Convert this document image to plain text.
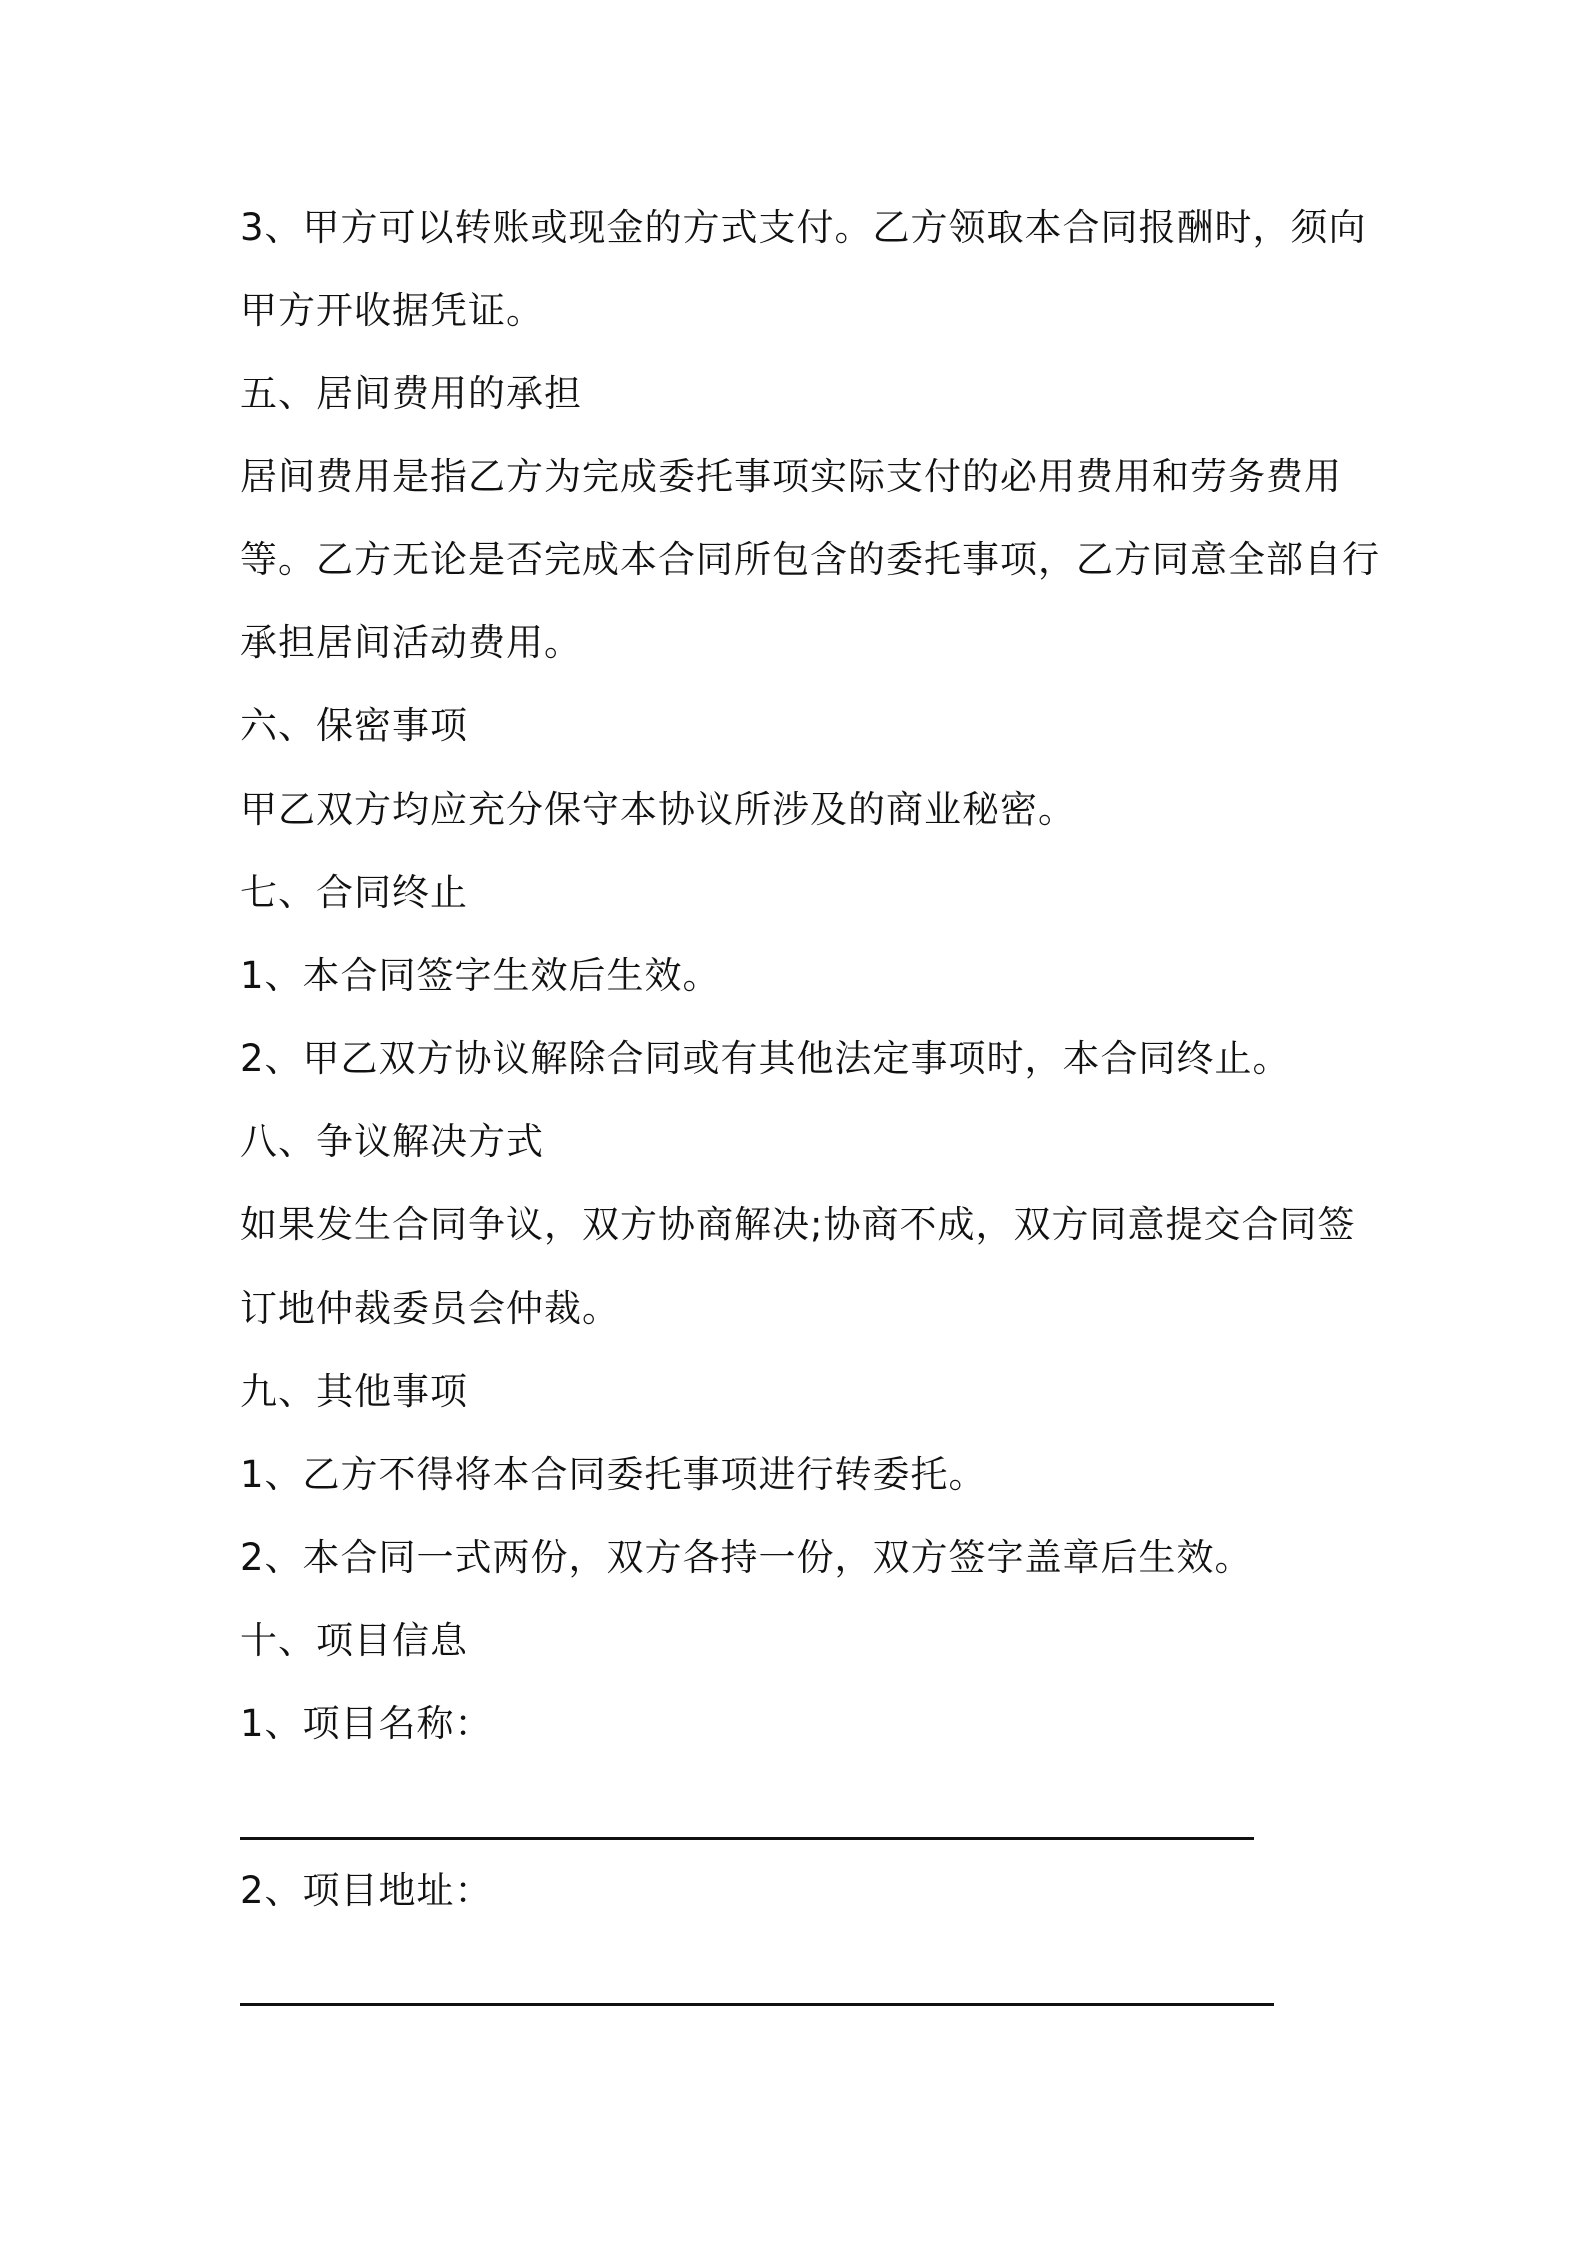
3、甲方可以转账或现金的方式支付。乙方领取本合同报酬时，须向
甲方开收据凭证。
五、居间费用的承担
居间费用是指乙方为完成委托事项实际支付的必用费用和劳务费用
等。乙方无论是否完成本合同所包含的委托事项，乙方同意全部自行
承担居间活动费用。
六、保密事项
甲乙双方均应充分保守本协议所涉及的商业秘密。
七、合同终止
1、本合同签字生效后生效。
2、甲乙双方协议解除合同或有其他法定事项时，本合同终止。
八、争议解决方式
如果发生合同争议，双方协商解决;协商不成，双方同意提交合同签
订地仲裁委员会仲裁。
九、其他事项
1、乙方不得将本合同委托事项进行转委托。
2、本合同一式两份，双方各持一份，双方签字盖章后生效。
十、项目信息
1、项目名称：
2、项目地址：
